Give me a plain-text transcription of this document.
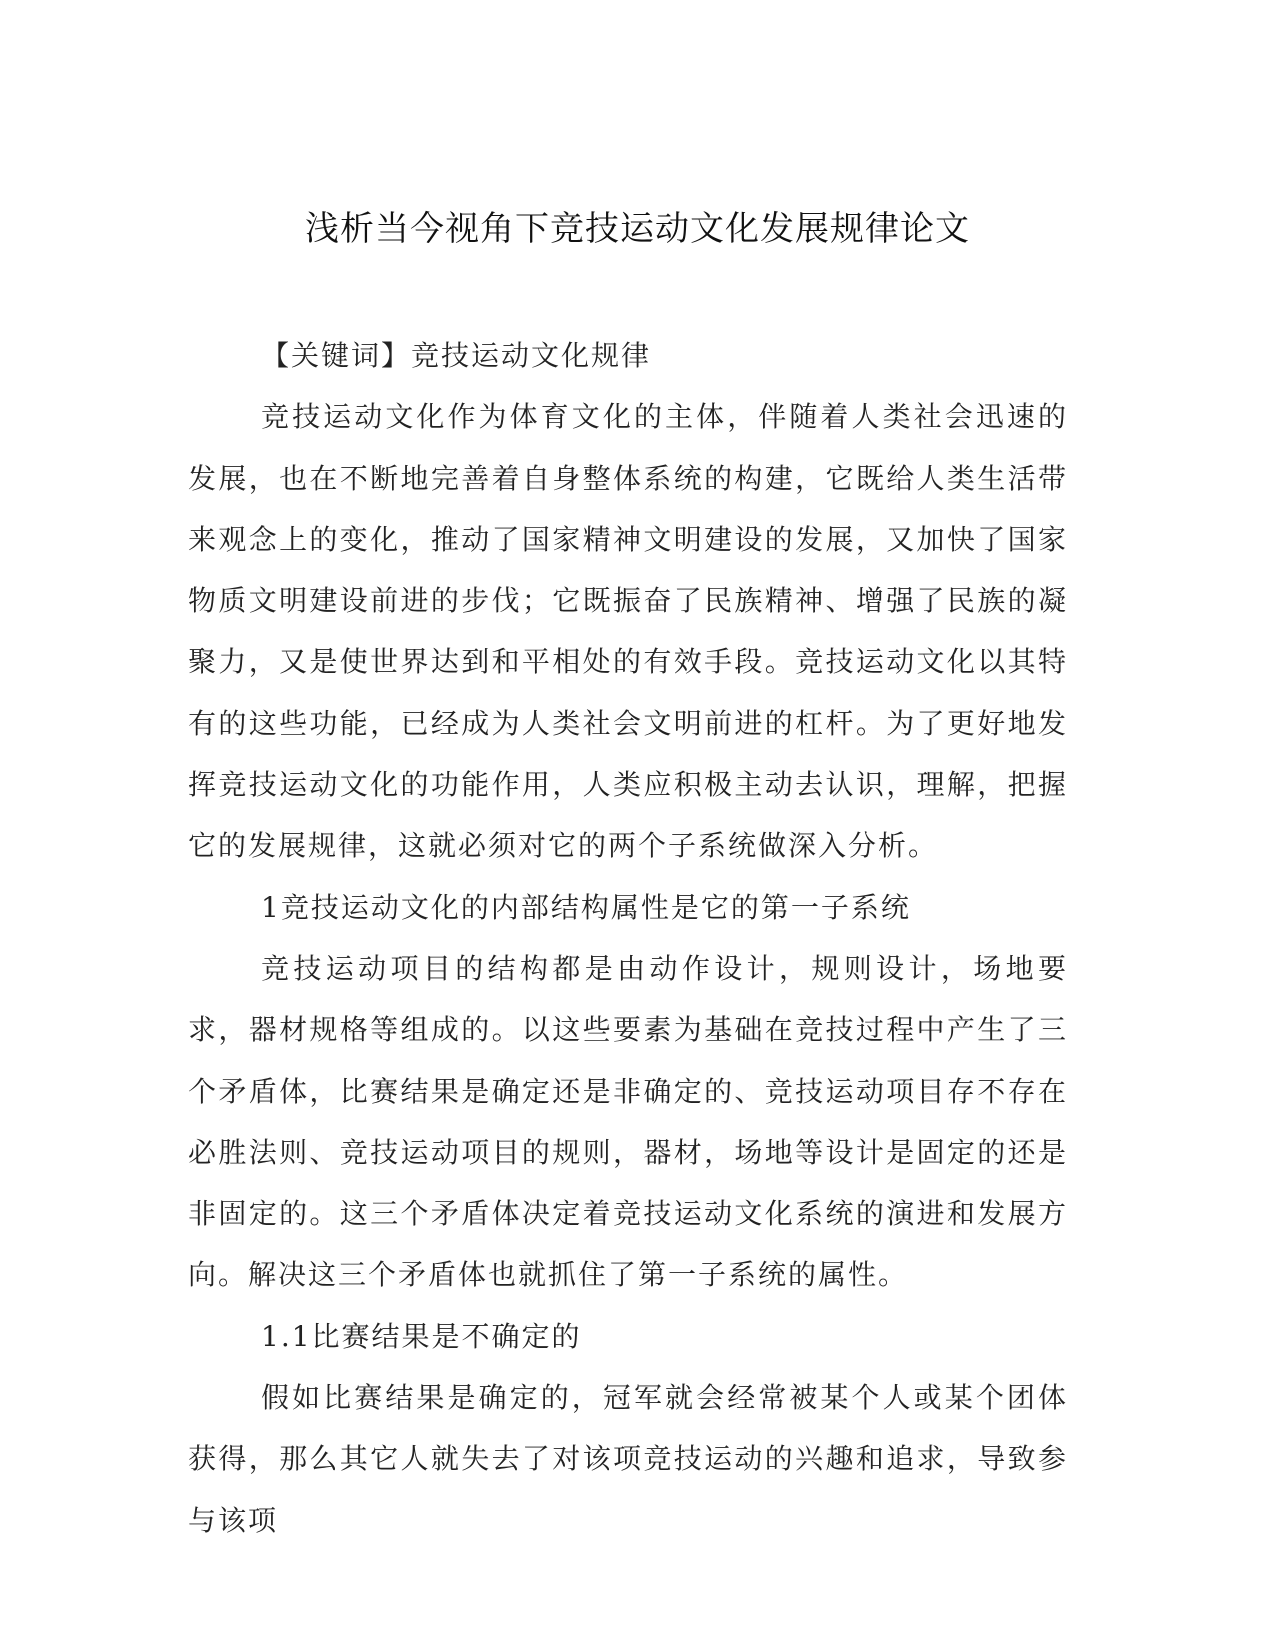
浅析当今视角下竞技运动文化发展规律论文

【关键词】竞技运动文化规律

竞技运动文化作为体育文化的主体，伴随着人类社会迅速的发展，也在不断地完善着自身整体系统的构建，它既给人类生活带来观念上的变化，推动了国家精神文明建设的发展，又加快了国家物质文明建设前进的步伐；它既振奋了民族精神、增强了民族的凝聚力，又是使世界达到和平相处的有效手段。竞技运动文化以其特有的这些功能，已经成为人类社会文明前进的杠杆。为了更好地发挥竞技运动文化的功能作用，人类应积极主动去认识，理解，把握它的发展规律，这就必须对它的两个子系统做深入分析。

1竞技运动文化的内部结构属性是它的第一子系统

竞技运动项目的结构都是由动作设计，规则设计，场地要求，器材规格等组成的。以这些要素为基础在竞技过程中产生了三个矛盾体，比赛结果是确定还是非确定的、竞技运动项目存不存在必胜法则、竞技运动项目的规则，器材，场地等设计是固定的还是非固定的。这三个矛盾体决定着竞技运动文化系统的演进和发展方向。解决这三个矛盾体也就抓住了第一子系统的属性。

1.1比赛结果是不确定的

假如比赛结果是确定的，冠军就会经常被某个人或某个团体获得，那么其它人就失去了对该项竞技运动的兴趣和追求，导致参与该项
